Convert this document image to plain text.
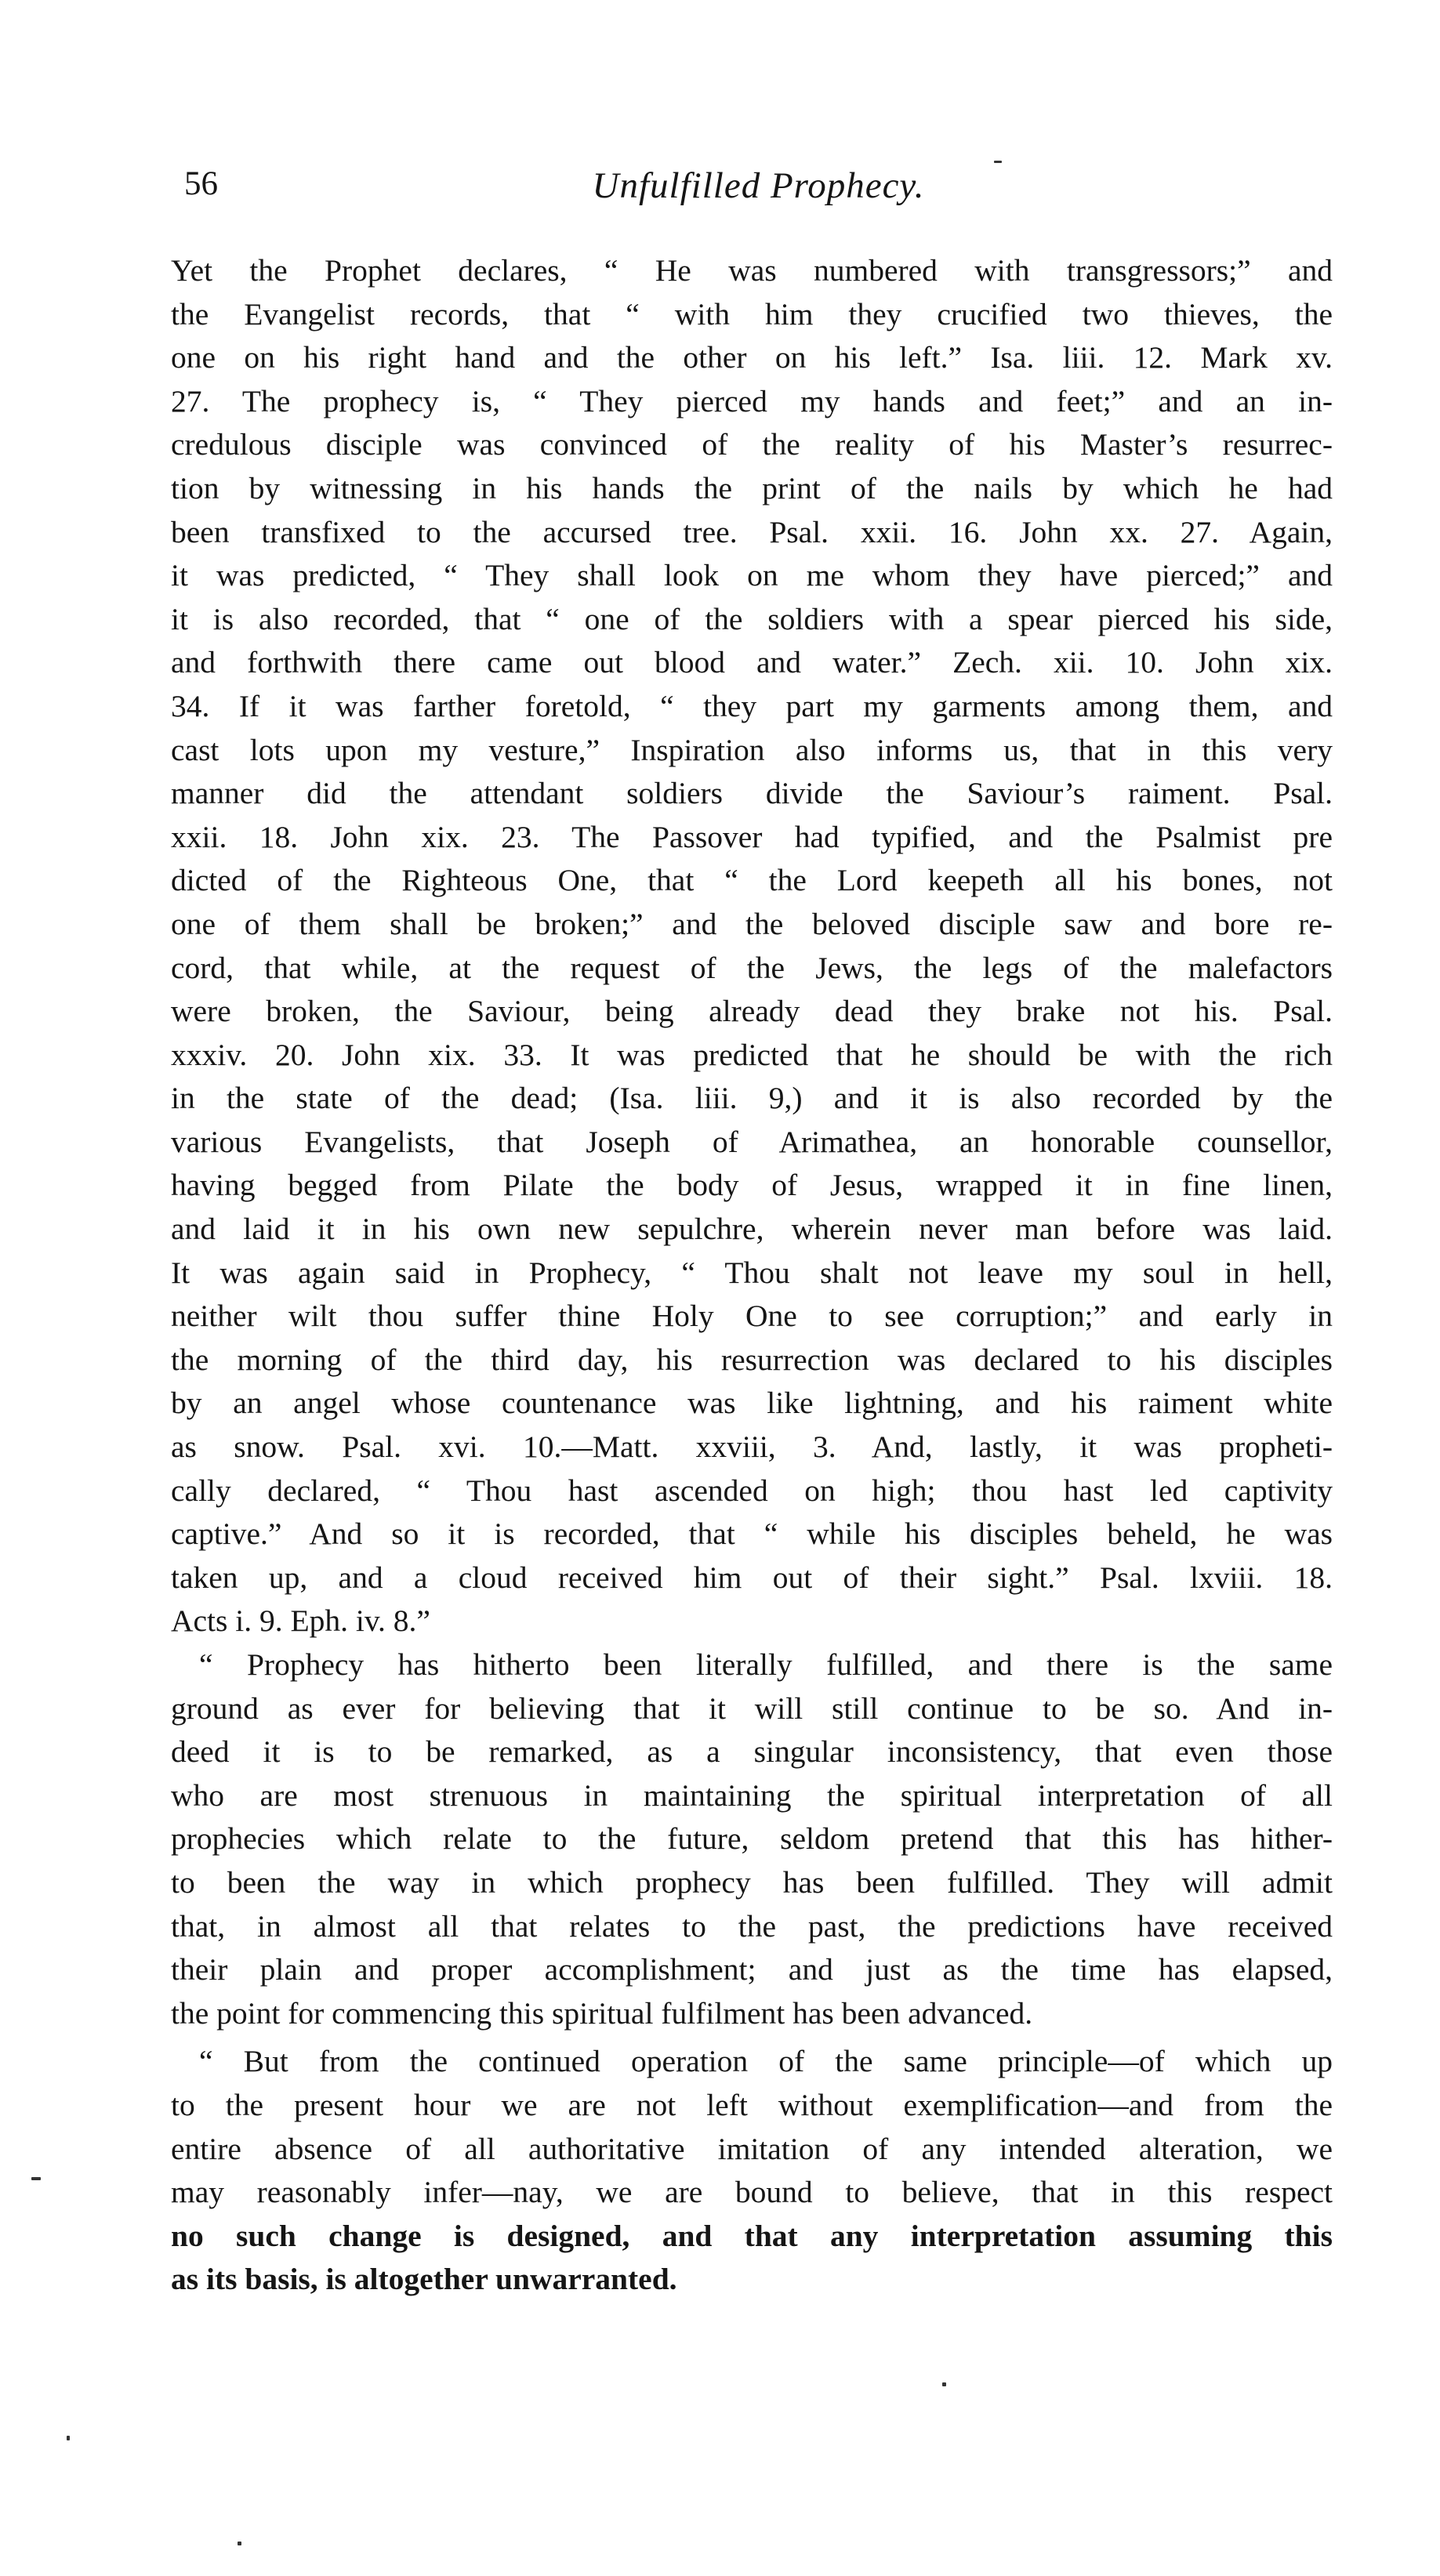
56	Unfulfilled Prophecy.
Yet the Prophet declares, “ He was numbered with transgressors;” and
the Evangelist records, that “ with him they crucified two thieves, the
one on his right hand and the other on his left.” Isa. liii. 12. Mark xv.
27. The prophecy is, “ They pierced my hands and feet;” and an in-
credulous disciple was convinced of the reality of his Master’s resurrec-
tion by witnessing in his hands the print of the nails by which he had
been transfixed to the accursed tree. Psal. xxii. 16. John xx. 27. Again,
it was predicted, “ They shall look on me whom they have pierced;” and
it is also recorded, that “ one of the soldiers with a spear pierced his side,
and forthwith there came out blood and water.” Zech. xii. 10. John xix.
34. If it was farther foretold, “ they part my garments among them, and
cast lots upon my vesture,” Inspiration also informs us, that in this very
manner did the attendant soldiers divide the Saviour’s raiment. Psal.
xxii. 18. John xix. 23. The Passover had typified, and the Psalmist pre
dicted of the Righteous One, that “ the Lord keepeth all his bones, not
one of them shall be broken;” and the beloved disciple saw and bore re-
cord, that while, at the request of the Jews, the legs of the malefactors
were broken, the Saviour, being already dead they brake not his. Psal.
xxxiv. 20. John xix. 33. It was predicted that he should be with the rich
in the state of the dead; (Isa. liii. 9,) and it is also recorded by the
various Evangelists, that Joseph of Arimathea, an honorable counsellor,
having begged from Pilate the body of Jesus, wrapped it in fine linen,
and laid it in his own new sepulchre, wherein never man before was laid.
It was again said in Prophecy, “ Thou shalt not leave my soul in hell,
neither wilt thou suffer thine Holy One to see corruption;” and early in
the morning of the third day, his resurrection was declared to his disciples
by an angel whose countenance was like lightning, and his raiment white
as snow. Psal. xvi. 10.—Matt. xxviii, 3. And, lastly, it was propheti-
cally declared, “ Thou hast ascended on high; thou hast led captivity
captive.” And so it is recorded, that “ while his disciples beheld, he was
taken up, and a cloud received him out of their sight.” Psal. lxviii. 18.
Acts i. 9. Eph. iv. 8.”
“ Prophecy has hitherto been literally fulfilled, and there is the same
ground as ever for believing that it will still continue to be so. And in-
deed it is to be remarked, as a singular inconsistency, that even those
who are most strenuous in maintaining the spiritual interpretation of all
prophecies which relate to the future, seldom pretend that this has hither-
to been the way in which prophecy has been fulfilled. They will admit
that, in almost all that relates to the past, the predictions have received
their plain and proper accomplishment; and just as the time has elapsed,
the point for commencing this spiritual fulfilment has been advanced.
“ But from the continued operation of the same principle—of which up
to the present hour we are not left without exemplification—and from the
entire absence of all authoritative imitation of any intended alteration, we
may reasonably infer—nay, we are bound to believe, that in this respect
no such change is designed, and that any interpretation assuming this
as its basis, is altogether unwarranted.
